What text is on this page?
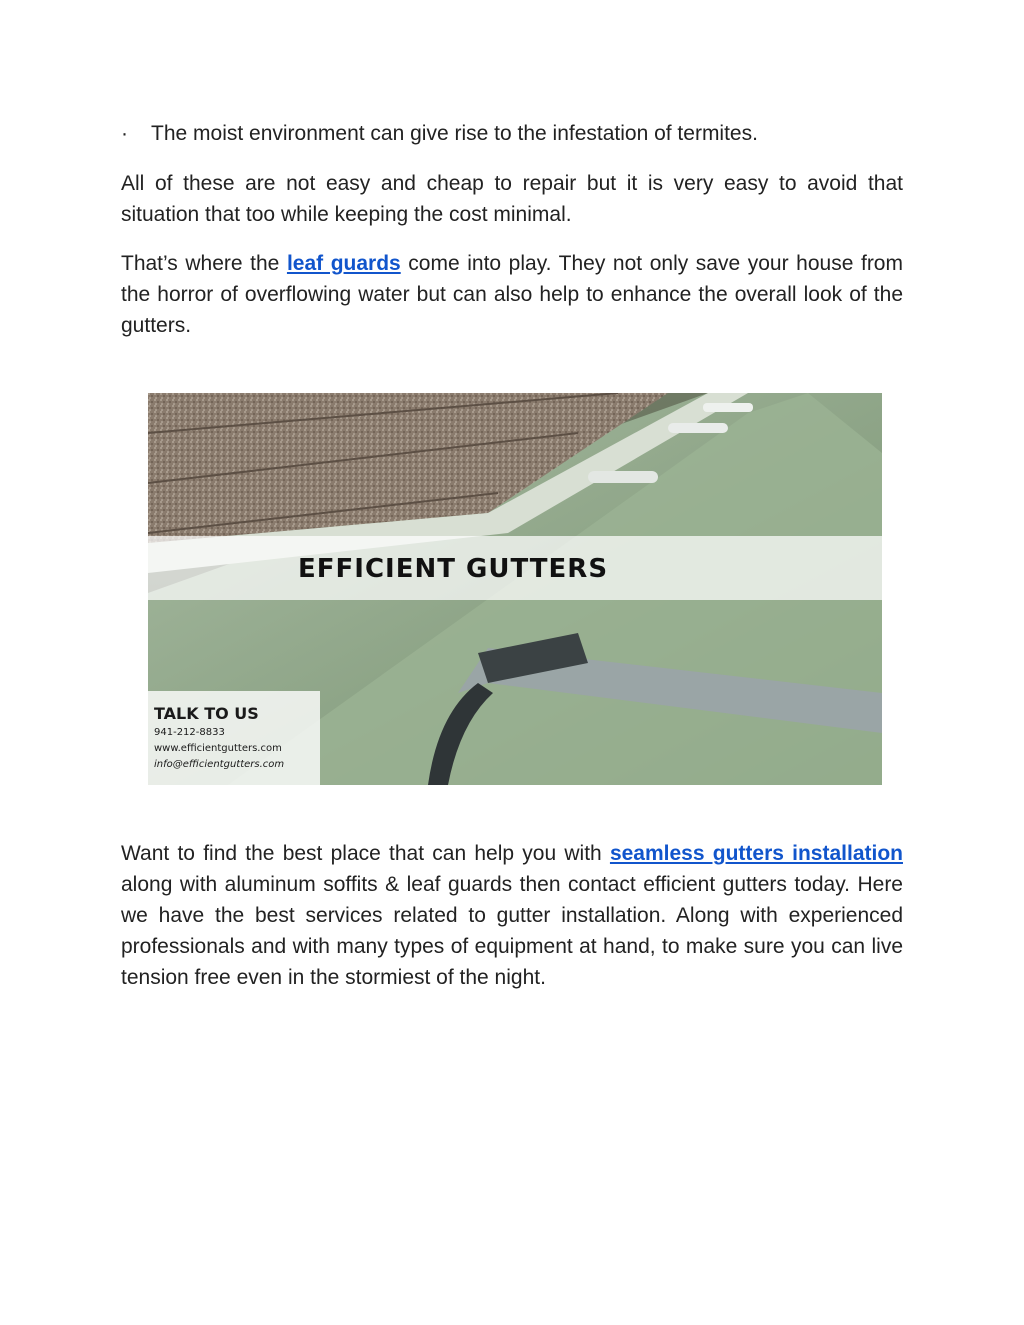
·	The moist environment can give rise to the infestation of termites.

All of these are not easy and cheap to repair but it is very easy to avoid that situation that too while keeping the cost minimal.

That’s where the leaf guards come into play. They not only save your house from the horror of overflowing water but can also help to enhance the overall look of the gutters.

EFFICIENT GUTTERS
TALK TO US
941-212-8833
www.efficientgutters.com
info@efficientgutters.com

Want to find the best place that can help you with seamless gutters installation along with aluminum soffits & leaf guards then contact efficient gutters today. Here we have the best services related to gutter installation. Along with experienced professionals and with many types of equipment at hand, to make sure you can live tension free even in the stormiest of the night.
